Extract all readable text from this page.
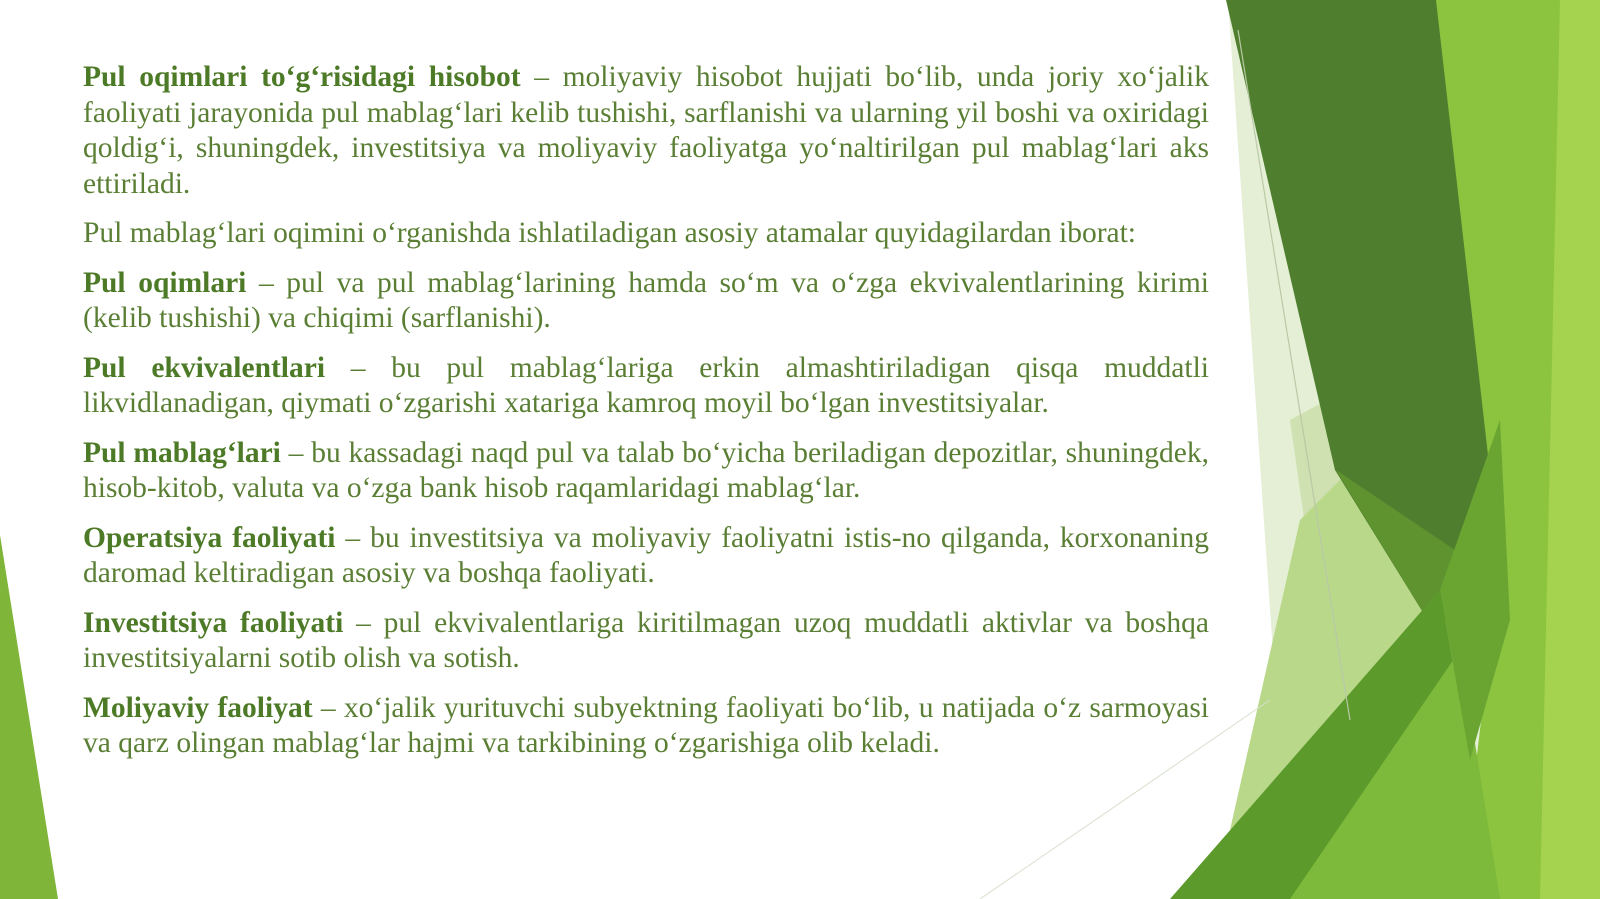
Pul oqimlari to‘g‘risidagi hisobot – moliyaviy hisobot hujjati bo‘lib, unda joriy xo‘jalik faoliyati jarayonida pul mablag‘lari kelib tushishi, sarflanishi va ularning yil boshi va oxiridagi qoldig‘i, shuningdek, investitsiya va moliyaviy faoliyatga yo‘naltirilgan pul mablag‘lari aks ettiriladi.

Pul mablag‘lari oqimini o‘rganishda ishlatiladigan asosiy atamalar quyidagilardan iborat:

Pul oqimlari – pul va pul mablag‘larining hamda so‘m va o‘zga ekvivalentlarining kirimi (kelib tushishi) va chiqimi (sarflanishi).

Pul ekvivalentlari – bu pul mablag‘lariga erkin almashtiriladigan qisqa muddatli likvidlanadigan, qiymati o‘zgarishi xatariga kamroq moyil bo‘lgan investitsiyalar.

Pul mablag‘lari – bu kassadagi naqd pul va talab bo‘yicha beriladigan depozitlar, shuningdek, hisob-kitob, valuta va o‘zga bank hisob raqamlaridagi mablag‘lar.

Operatsiya faoliyati – bu investitsiya va moliyaviy faoliyatni istis-no qilganda, korxonaning daromad keltiradigan asosiy va boshqa faoliyati.

Investitsiya faoliyati – pul ekvivalentlariga kiritilmagan uzoq muddatli aktivlar va boshqa investitsiyalarni sotib olish va sotish.

Moliyaviy faoliyat – xo‘jalik yurituvchi subyektning faoliyati bo‘lib, u natijada o‘z sarmoyasi va qarz olingan mablag‘lar hajmi va tarkibining o‘zgarishiga olib keladi.
